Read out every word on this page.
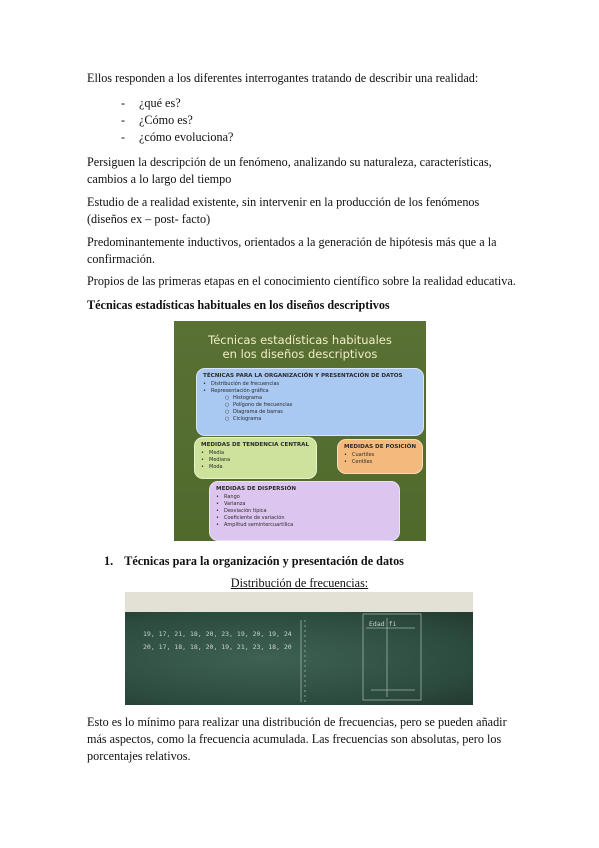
Ellos responden a los diferentes interrogantes tratando de describir una realidad:
- ¿qué es?
- ¿Cómo es?
- ¿cómo evoluciona?
Persiguen la descripción de un fenómeno, analizando su naturaleza, características, cambios a lo largo del tiempo
Estudio de a realidad existente, sin intervenir en la producción de los fenómenos (diseños ex – post- facto)
Predominantemente inductivos, orientados a la generación de hipótesis más que a la confirmación.
Propios de las primeras etapas en el conocimiento científico sobre la realidad educativa.
Técnicas estadísticas habituales en los diseños descriptivos
Técnicas estadísticas habituales
en los diseños descriptivos
TÉCNICAS PARA LA ORGANIZACIÓN Y PRESENTACIÓN DE DATOS
• Distribución de frecuencias
• Representación gráfica
○ Histograma
○ Polígono de frecuencias
○ Diagrama de barras
○ Ciclograma
MEDIDAS DE TENDENCIA CENTRAL
• Media
• Mediana
• Moda
MEDIDAS DE POSICIÓN
• Cuartiles
• Centiles
MEDIDAS DE DISPERSIÓN
• Rango
• Varianza
• Desviación típica
• Coeficiente de variación
• Amplitud semintercuartílica
1. Técnicas para la organización y presentación de datos
Distribución de frecuencias:
19, 17, 21, 18, 20, 23, 19, 20, 19, 24
20, 17, 18, 18, 20, 19, 21, 23, 18, 20
Edad fi
Esto es lo mínimo para realizar una distribución de frecuencias, pero se pueden añadir más aspectos, como la frecuencia acumulada. Las frecuencias son absolutas, pero los porcentajes relativos.
